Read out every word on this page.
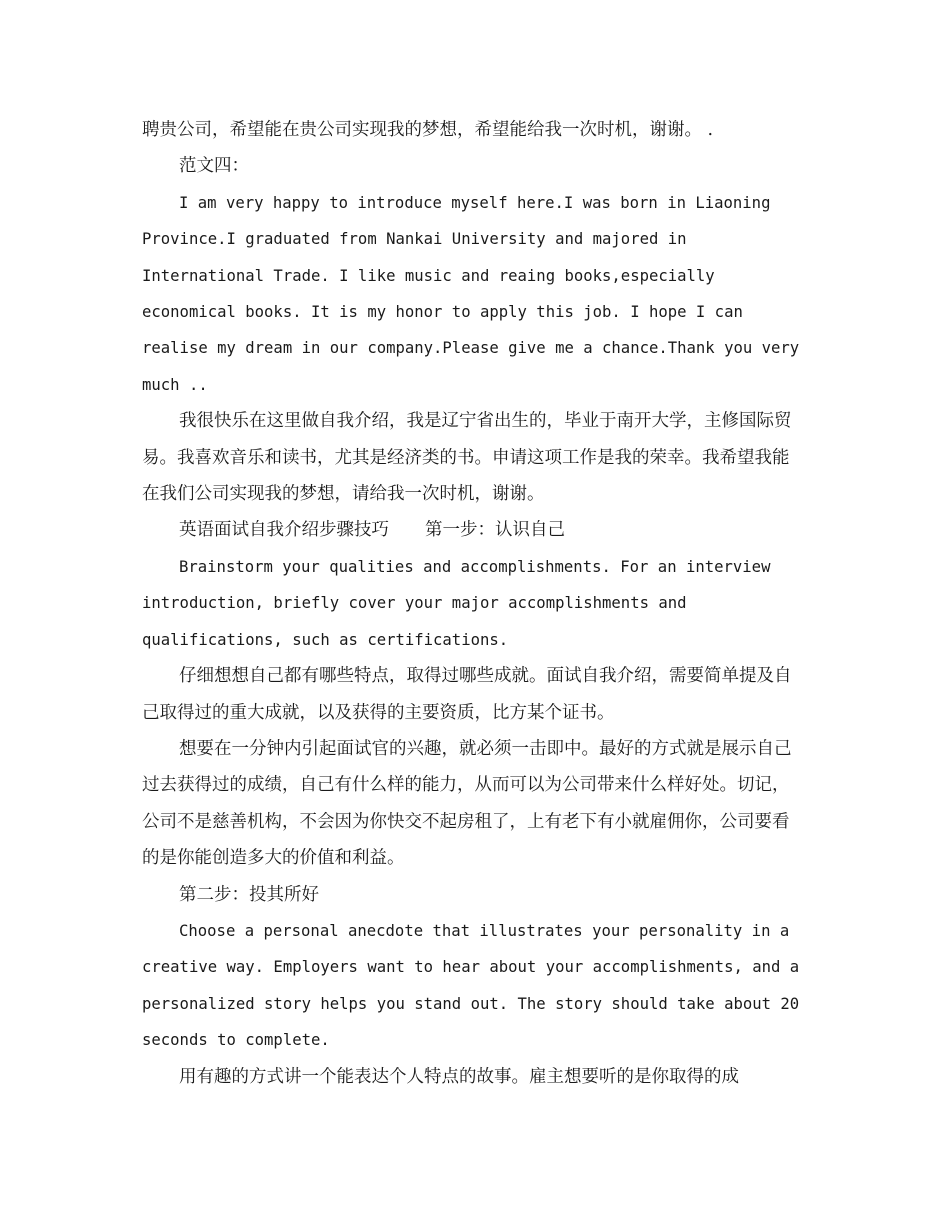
聘贵公司，希望能在贵公司实现我的梦想，希望能给我一次时机，谢谢。 .

范文四：

I am very happy to introduce myself here.I was born in Liaoning Province.I graduated from Nankai University and majored in International Trade. I like music and reaing books,especially economical books. It is my honor to apply this job. I hope I can realise my dream in our company.Please give me a chance.Thank you very much ..

我很快乐在这里做自我介绍，我是辽宁省出生的，毕业于南开大学，主修国际贸易。我喜欢音乐和读书，尤其是经济类的书。申请这项工作是我的荣幸。我希望我能在我们公司实现我的梦想，请给我一次时机，谢谢。

英语面试自我介绍步骤技巧 第一步：认识自己

Brainstorm your qualities and accomplishments. For an interview introduction, briefly cover your major accomplishments and qualifications, such as certifications.

仔细想想自己都有哪些特点，取得过哪些成就。面试自我介绍，需要简单提及自己取得过的重大成就，以及获得的主要资质，比方某个证书。

想要在一分钟内引起面试官的兴趣，就必须一击即中。最好的方式就是展示自己过去获得过的成绩，自己有什么样的能力，从而可以为公司带来什么样好处。切记，公司不是慈善机构，不会因为你快交不起房租了，上有老下有小就雇佣你，公司要看的是你能创造多大的价值和利益。

第二步：投其所好

Choose a personal anecdote that illustrates your personality in a creative way. Employers want to hear about your accomplishments, and a personalized story helps you stand out. The story should take about 20 seconds to complete.

用有趣的方式讲一个能表达个人特点的故事。雇主想要听的是你取得的成
